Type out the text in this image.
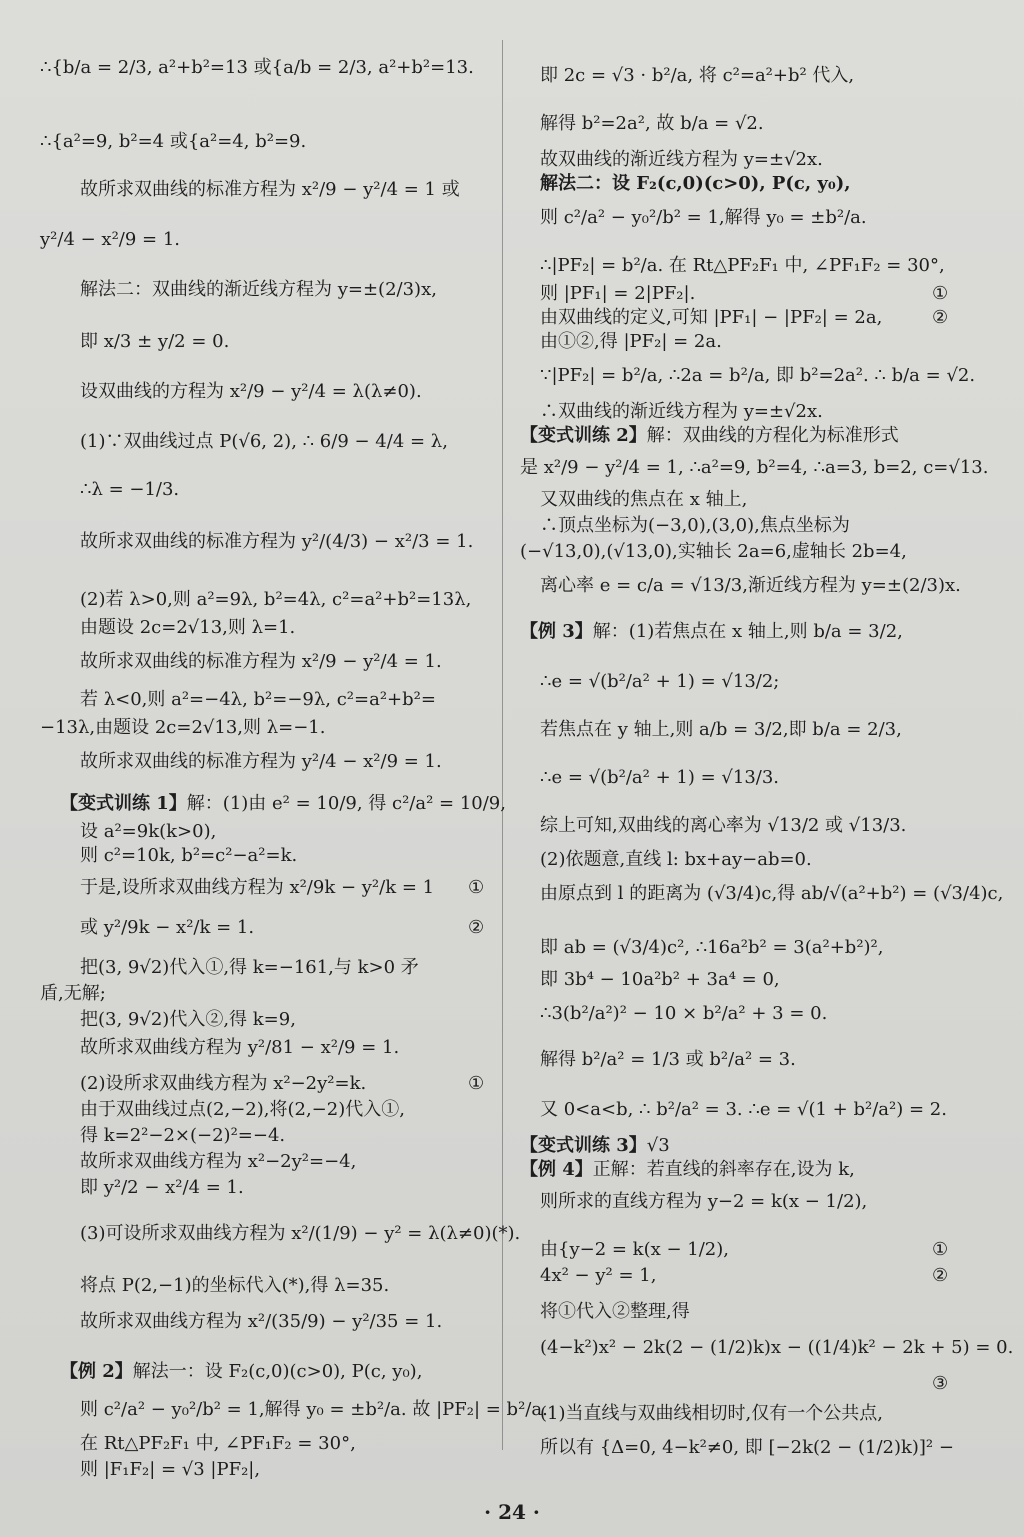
∴{b/a = 2/3, a²+b²=13 或{a/b = 2/3, a²+b²=13.
∴{a²=9, b²=4 或{a²=4, b²=9.
故所求双曲线的标准方程为 x²/9 − y²/4 = 1 或
y²/4 − x²/9 = 1.
解法二：双曲线的渐近线方程为 y=±(2/3)x,
即 x/3 ± y/2 = 0.
设双曲线的方程为 x²/9 − y²/4 = λ(λ≠0).
(1)∵双曲线过点 P(√6, 2), ∴ 6/9 − 4/4 = λ,
∴λ = −1/3.
故所求双曲线的标准方程为 y²/(4/3) − x²/3 = 1.
(2)若 λ>0,则 a²=9λ, b²=4λ, c²=a²+b²=13λ,
由题设 2c=2√13,则 λ=1.
故所求双曲线的标准方程为 x²/9 − y²/4 = 1.
若 λ<0,则 a²=−4λ, b²=−9λ, c²=a²+b²=
−13λ,由题设 2c=2√13,则 λ=−1.
故所求双曲线的标准方程为 y²/4 − x²/9 = 1.
【变式训练 1】解：(1)由 e² = 10/9, 得 c²/a² = 10/9,
设 a²=9k(k>0),
则 c²=10k, b²=c²−a²=k.
于是,设所求双曲线方程为 x²/9k − y²/k = 1 ①
或 y²/9k − x²/k = 1.	②
把(3, 9√2)代入①,得 k=−161,与 k>0 矛
盾,无解;
把(3, 9√2)代入②,得 k=9,
故所求双曲线方程为 y²/81 − x²/9 = 1.
(2)设所求双曲线方程为 x²−2y²=k.	①
由于双曲线过点(2,−2),将(2,−2)代入①,
得 k=2²−2×(−2)²=−4.
故所求双曲线方程为 x²−2y²=−4,
即 y²/2 − x²/4 = 1.
(3)可设所求双曲线方程为 x²/(1/9) − y² = λ(λ≠0)(*).
将点 P(2,−1)的坐标代入(*),得 λ=35.
故所求双曲线方程为 x²/(35/9) − y²/35 = 1.
【例 2】解法一：设 F₂(c,0)(c>0), P(c, y₀),
则 c²/a² − y₀²/b² = 1,解得 y₀ = ±b²/a. 故 |PF₂| = b²/a.
在 Rt△PF₂F₁ 中, ∠PF₁F₂ = 30°,
则 |F₁F₂| = √3 |PF₂|,
即 2c = √3 · b²/a, 将 c²=a²+b² 代入,
解得 b²=2a², 故 b/a = √2.
故双曲线的渐近线方程为 y=±√2x.
解法二：设 F₂(c,0)(c>0), P(c, y₀),
则 c²/a² − y₀²/b² = 1,解得 y₀ = ±b²/a.
∴|PF₂| = b²/a. 在 Rt△PF₂F₁ 中, ∠PF₁F₂ = 30°,
则 |PF₁| = 2|PF₂|.	①
由双曲线的定义,可知 |PF₁| − |PF₂| = 2a,	②
由①②,得 |PF₂| = 2a.
∵|PF₂| = b²/a, ∴2a = b²/a, 即 b²=2a². ∴ b/a = √2.
∴双曲线的渐近线方程为 y=±√2x.
【变式训练 2】解：双曲线的方程化为标准形式
是 x²/9 − y²/4 = 1, ∴a²=9, b²=4, ∴a=3, b=2, c=√13.
又双曲线的焦点在 x 轴上,
∴顶点坐标为(−3,0),(3,0),焦点坐标为
(−√13,0),(√13,0),实轴长 2a=6,虚轴长 2b=4,
离心率 e = c/a = √13/3,渐近线方程为 y=±(2/3)x.
【例 3】解：(1)若焦点在 x 轴上,则 b/a = 3/2,
∴e = √(b²/a² + 1) = √13/2;
若焦点在 y 轴上,则 a/b = 3/2,即 b/a = 2/3,
∴e = √(b²/a² + 1) = √13/3.
综上可知,双曲线的离心率为 √13/2 或 √13/3.
(2)依题意,直线 l: bx+ay−ab=0.
由原点到 l 的距离为 (√3/4)c,得 ab/√(a²+b²) = (√3/4)c,
即 ab = (√3/4)c², ∴16a²b² = 3(a²+b²)²,
即 3b⁴ − 10a²b² + 3a⁴ = 0,
∴3(b²/a²)² − 10 × b²/a² + 3 = 0.
解得 b²/a² = 1/3 或 b²/a² = 3.
又 0<a<b, ∴ b²/a² = 3. ∴e = √(1 + b²/a²) = 2.
【变式训练 3】√3
【例 4】正解：若直线的斜率存在,设为 k,
则所求的直线方程为 y−2 = k(x − 1/2),
由{y−2 = k(x − 1/2),	①
4x² − y² = 1,	②
将①代入②整理,得
(4−k²)x² − 2k(2 − (1/2)k)x − ((1/4)k² − 2k + 5) = 0.
③
(1)当直线与双曲线相切时,仅有一个公共点,
所以有 {Δ=0, 4−k²≠0, 即 [−2k(2 − (1/2)k)]² −
· 24 ·
